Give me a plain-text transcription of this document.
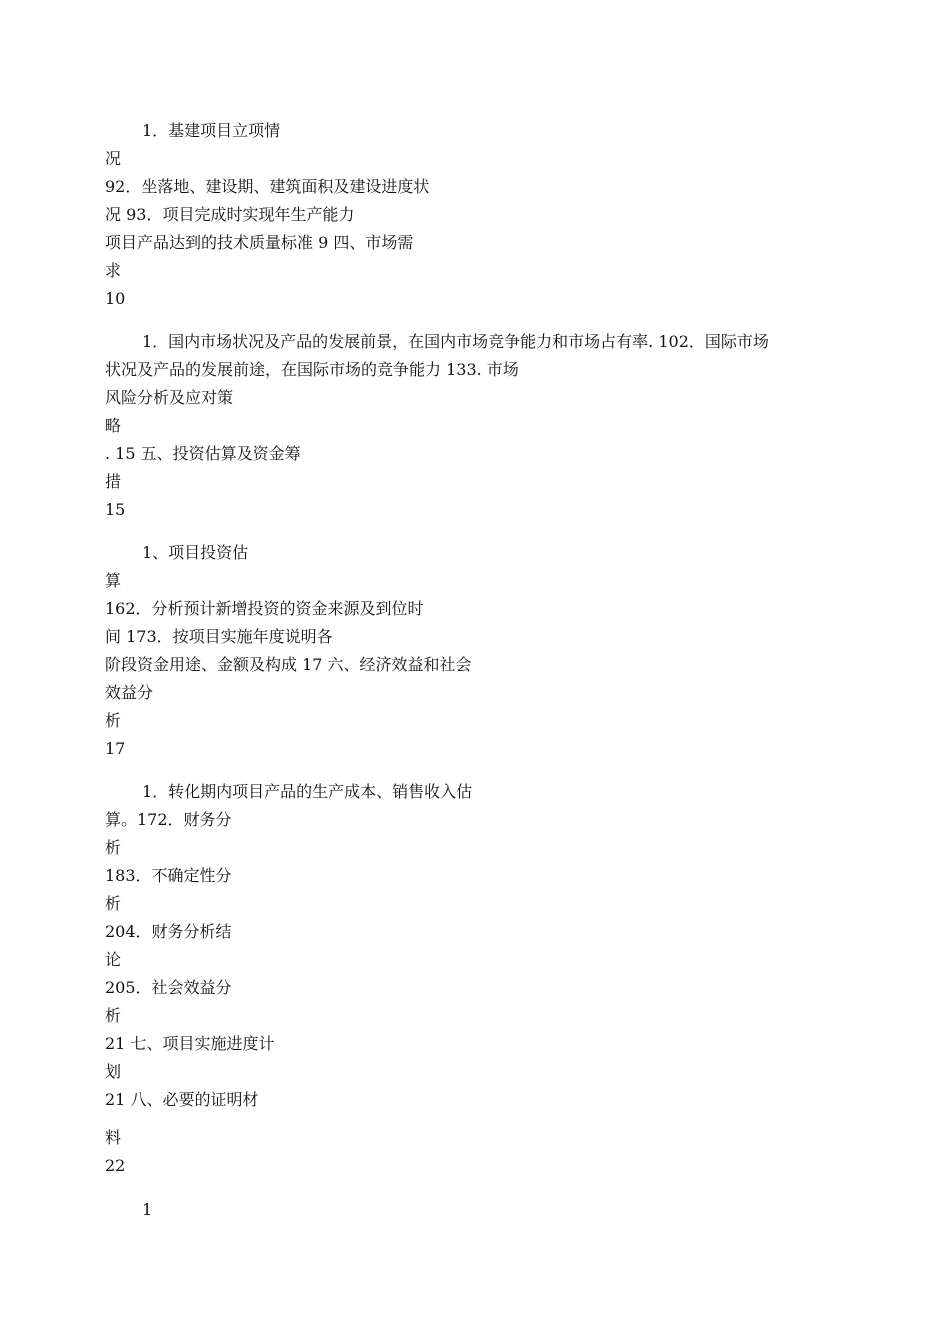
1．基建项目立项情
况
92．坐落地、建设期、建筑面积及建设进度状
况 93．项目完成时实现年生产能力
项目产品达到的技术质量标准 9 四、市场需
求
10
1．国内市场状况及产品的发展前景，在国内市场竞争能力和市场占有率. 102．国际市场
状况及产品的发展前途，在国际市场的竞争能力 133. 市场
风险分析及应对策
略
. 15 五、投资估算及资金筹
措
15
1、项目投资估
算
162．分析预计新增投资的资金来源及到位时
间 173．按项目实施年度说明各
阶段资金用途、金额及构成 17 六、经济效益和社会
效益分
析
17
1．转化期内项目产品的生产成本、销售收入估
算。172．财务分
析
183．不确定性分
析
204．财务分析结
论
205．社会效益分
析
21 七、项目实施进度计
划
21 八、必要的证明材
料
22
1
